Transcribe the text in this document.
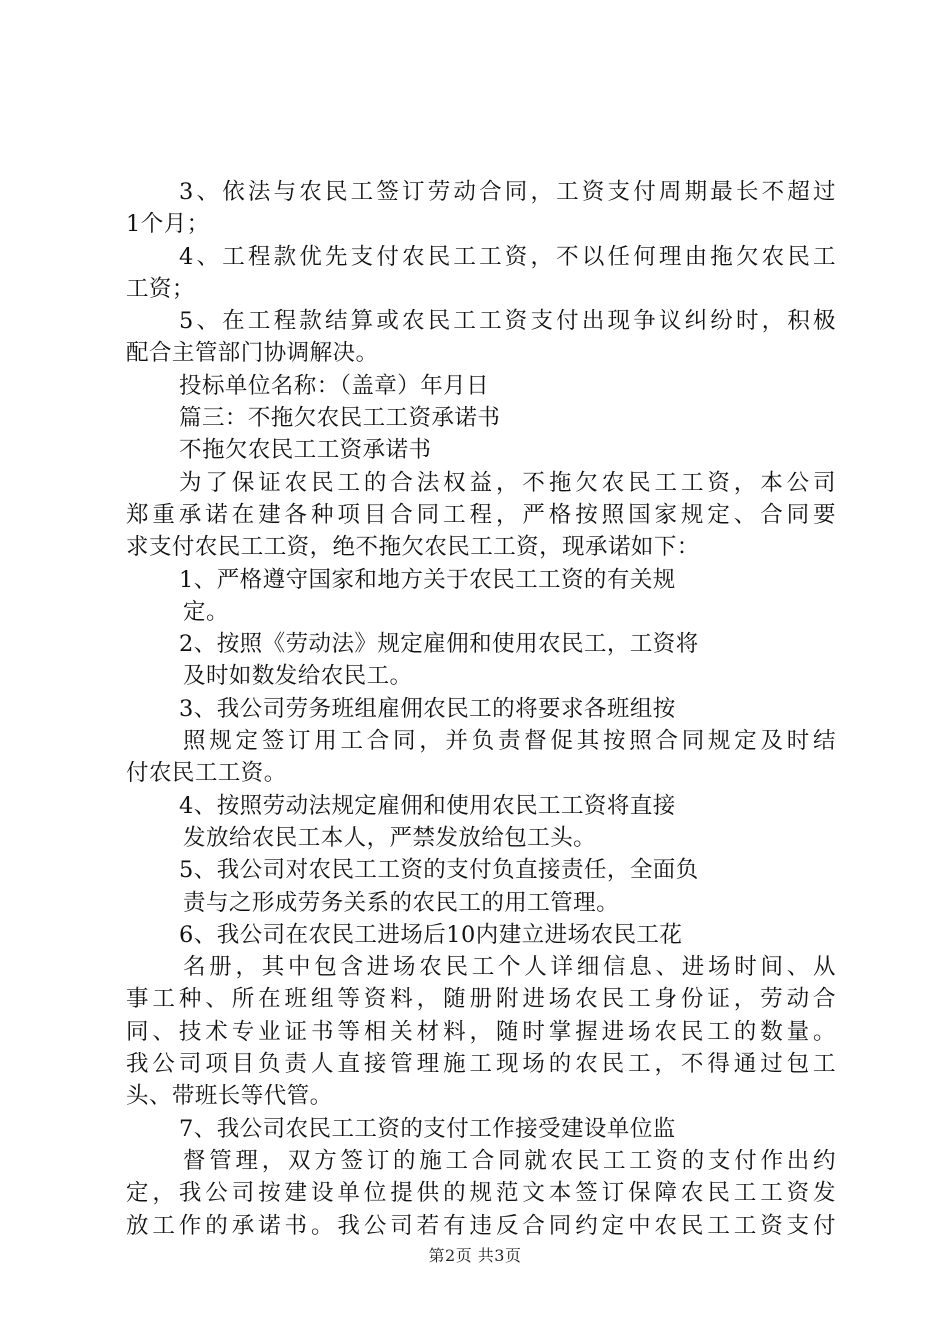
3、依法与农民工签订劳动合同，工资支付周期最长不超过
1个月；
4、工程款优先支付农民工工资，不以任何理由拖欠农民工
工资；
5、在工程款结算或农民工工资支付出现争议纠纷时，积极
配合主管部门协调解决。
投标单位名称：（盖章）年月日
篇三：不拖欠农民工工资承诺书
不拖欠农民工工资承诺书
为了保证农民工的合法权益，不拖欠农民工工资，本公司
郑重承诺在建各种项目合同工程，严格按照国家规定、合同要
求支付农民工工资，绝不拖欠农民工工资，现承诺如下：
1、严格遵守国家和地方关于农民工工资的有关规
定。
2、按照《劳动法》规定雇佣和使用农民工，工资将
及时如数发给农民工。
3、我公司劳务班组雇佣农民工的将要求各班组按
照规定签订用工合同，并负责督促其按照合同规定及时结
付农民工工资。
4、按照劳动法规定雇佣和使用农民工工资将直接
发放给农民工本人，严禁发放给包工头。
5、我公司对农民工工资的支付负直接责任，全面负
责与之形成劳务关系的农民工的用工管理。
6、我公司在农民工进场后10内建立进场农民工花
名册，其中包含进场农民工个人详细信息、进场时间、从
事工种、所在班组等资料，随册附进场农民工身份证，劳动合
同、技术专业证书等相关材料，随时掌握进场农民工的数量。
我公司项目负责人直接管理施工现场的农民工，不得通过包工
头、带班长等代管。
7、我公司农民工工资的支付工作接受建设单位监
督管理，双方签订的施工合同就农民工工资的支付作出约
定，我公司按建设单位提供的规范文本签订保障农民工工资发
放工作的承诺书。我公司若有违反合同约定中农民工工资支付
第2页 共3页
